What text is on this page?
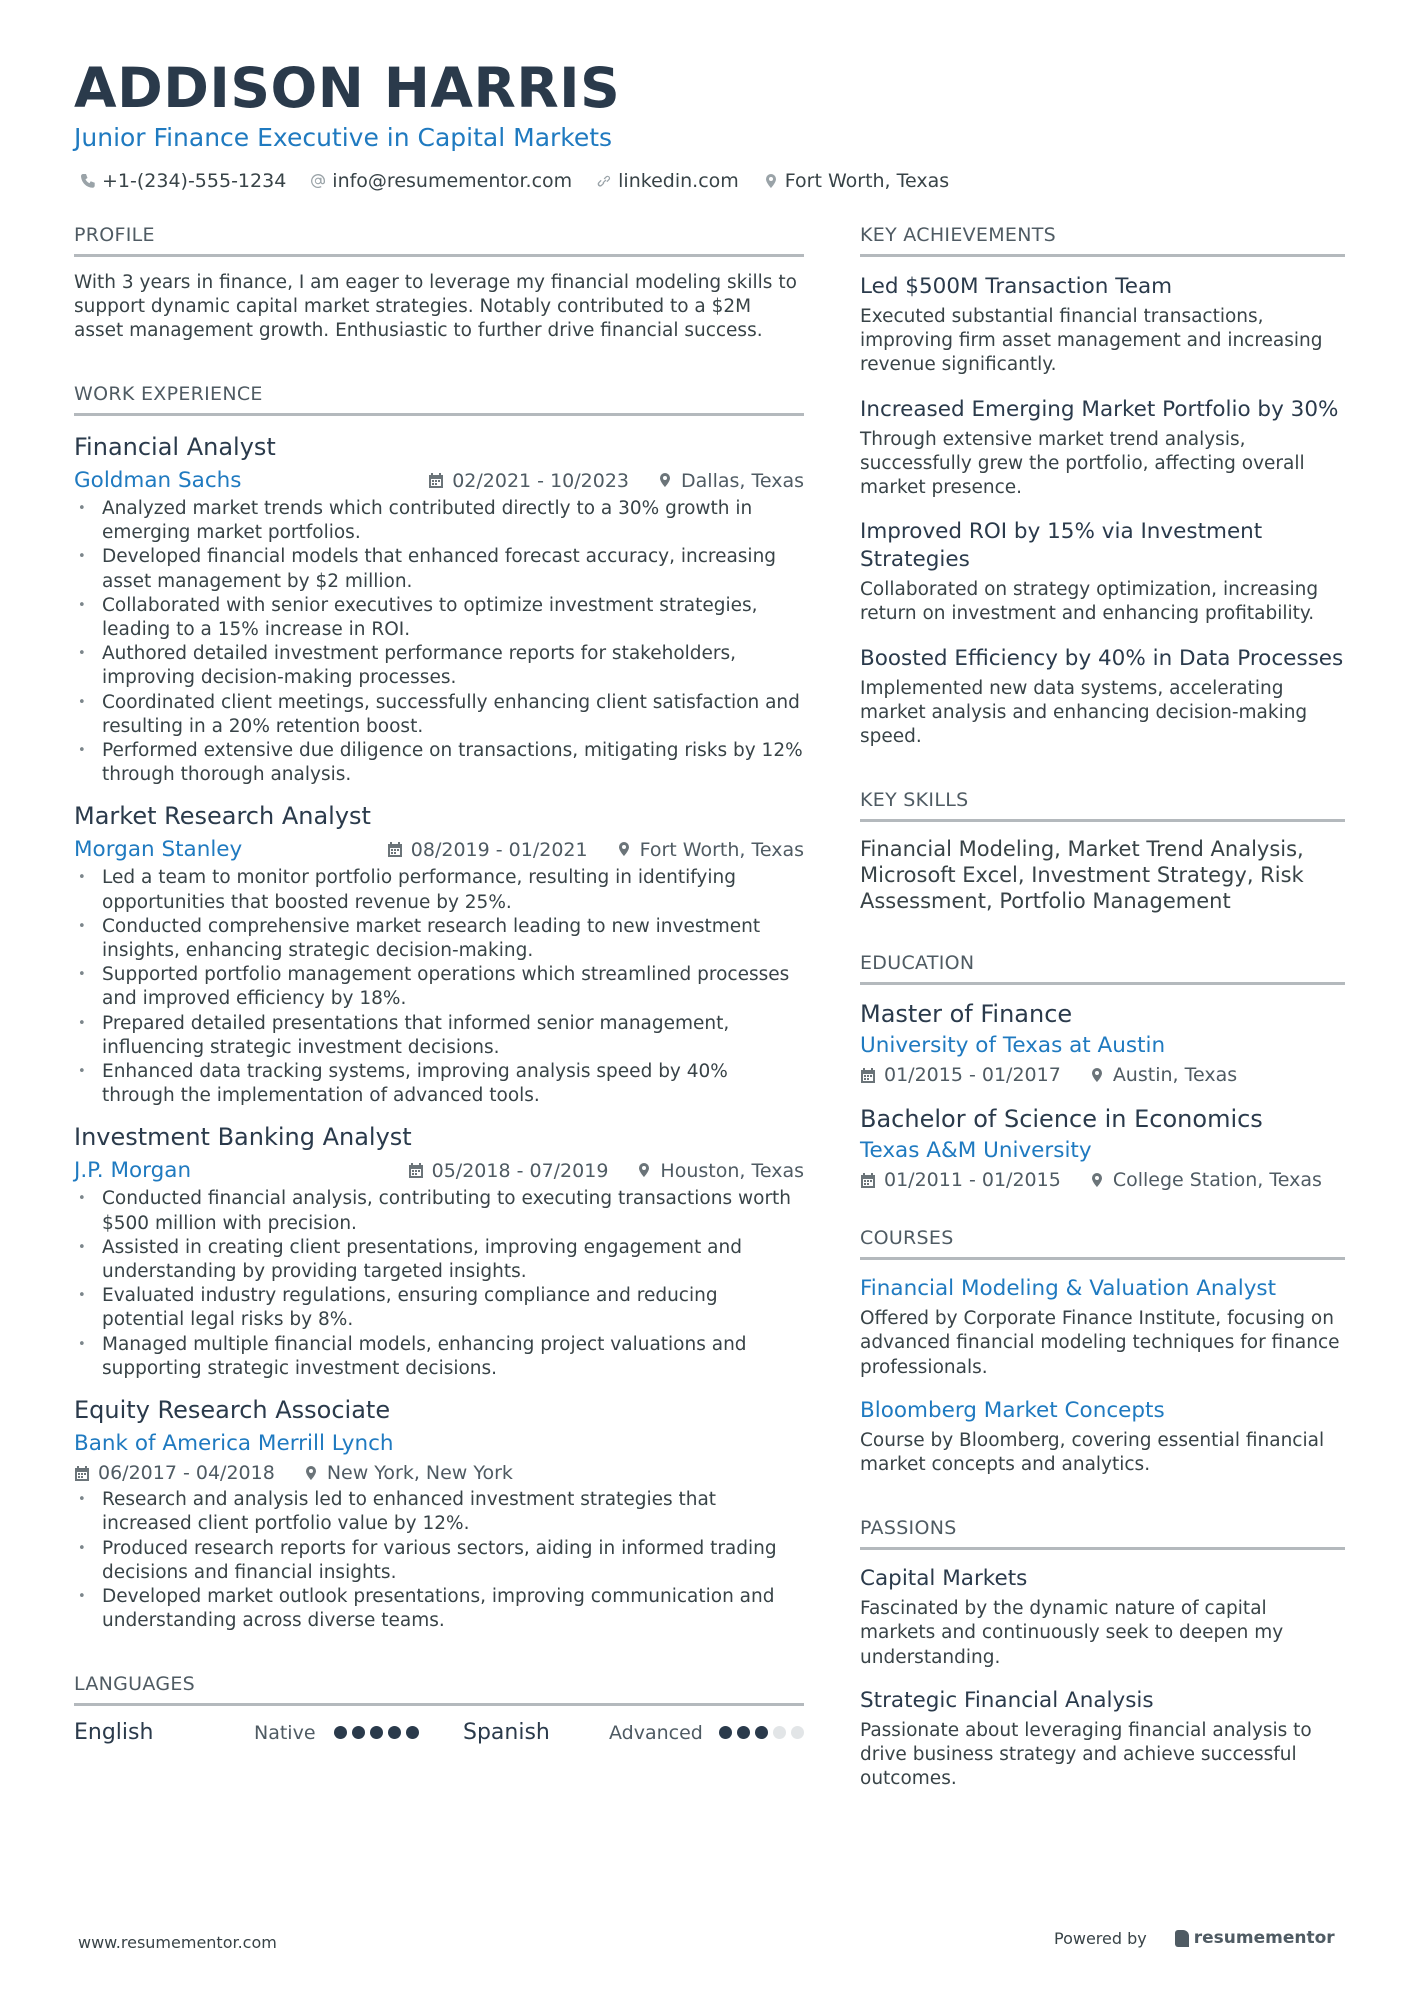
ADDISON HARRIS
Junior Finance Executive in Capital Markets
+1-(234)-555-1234 info@resumementor.com linkedin.com Fort Worth, Texas
PROFILE
With 3 years in finance, I am eager to leverage my financial modeling skills to support dynamic capital market strategies. Notably contributed to a $2M asset management growth. Enthusiastic to further drive financial success.
WORK EXPERIENCE
Financial Analyst
Goldman Sachs	02/2021 - 10/2023	Dallas, Texas
• Analyzed market trends which contributed directly to a 30% growth in emerging market portfolios.
• Developed financial models that enhanced forecast accuracy, increasing asset management by $2 million.
• Collaborated with senior executives to optimize investment strategies, leading to a 15% increase in ROI.
• Authored detailed investment performance reports for stakeholders, improving decision-making processes.
• Coordinated client meetings, successfully enhancing client satisfaction and resulting in a 20% retention boost.
• Performed extensive due diligence on transactions, mitigating risks by 12% through thorough analysis.
Market Research Analyst
Morgan Stanley	08/2019 - 01/2021	Fort Worth, Texas
• Led a team to monitor portfolio performance, resulting in identifying opportunities that boosted revenue by 25%.
• Conducted comprehensive market research leading to new investment insights, enhancing strategic decision-making.
• Supported portfolio management operations which streamlined processes and improved efficiency by 18%.
• Prepared detailed presentations that informed senior management, influencing strategic investment decisions.
• Enhanced data tracking systems, improving analysis speed by 40% through the implementation of advanced tools.
Investment Banking Analyst
J.P. Morgan	05/2018 - 07/2019	Houston, Texas
• Conducted financial analysis, contributing to executing transactions worth $500 million with precision.
• Assisted in creating client presentations, improving engagement and understanding by providing targeted insights.
• Evaluated industry regulations, ensuring compliance and reducing potential legal risks by 8%.
• Managed multiple financial models, enhancing project valuations and supporting strategic investment decisions.
Equity Research Associate
Bank of America Merrill Lynch
06/2017 - 04/2018	New York, New York
• Research and analysis led to enhanced investment strategies that increased client portfolio value by 12%.
• Produced research reports for various sectors, aiding in informed trading decisions and financial insights.
• Developed market outlook presentations, improving communication and understanding across diverse teams.
LANGUAGES
English	Native	Spanish	Advanced
KEY ACHIEVEMENTS
Led $500M Transaction Team
Executed substantial financial transactions, improving firm asset management and increasing revenue significantly.
Increased Emerging Market Portfolio by 30%
Through extensive market trend analysis, successfully grew the portfolio, affecting overall market presence.
Improved ROI by 15% via Investment Strategies
Collaborated on strategy optimization, increasing return on investment and enhancing profitability.
Boosted Efficiency by 40% in Data Processes
Implemented new data systems, accelerating market analysis and enhancing decision-making speed.
KEY SKILLS
Financial Modeling, Market Trend Analysis, Microsoft Excel, Investment Strategy, Risk Assessment, Portfolio Management
EDUCATION
Master of Finance
University of Texas at Austin
01/2015 - 01/2017	Austin, Texas
Bachelor of Science in Economics
Texas A&M University
01/2011 - 01/2015	College Station, Texas
COURSES
Financial Modeling & Valuation Analyst
Offered by Corporate Finance Institute, focusing on advanced financial modeling techniques for finance professionals.
Bloomberg Market Concepts
Course by Bloomberg, covering essential financial market concepts and analytics.
PASSIONS
Capital Markets
Fascinated by the dynamic nature of capital markets and continuously seek to deepen my understanding.
Strategic Financial Analysis
Passionate about leveraging financial analysis to drive business strategy and achieve successful outcomes.
www.resumementor.com	Powered by	resumementor
